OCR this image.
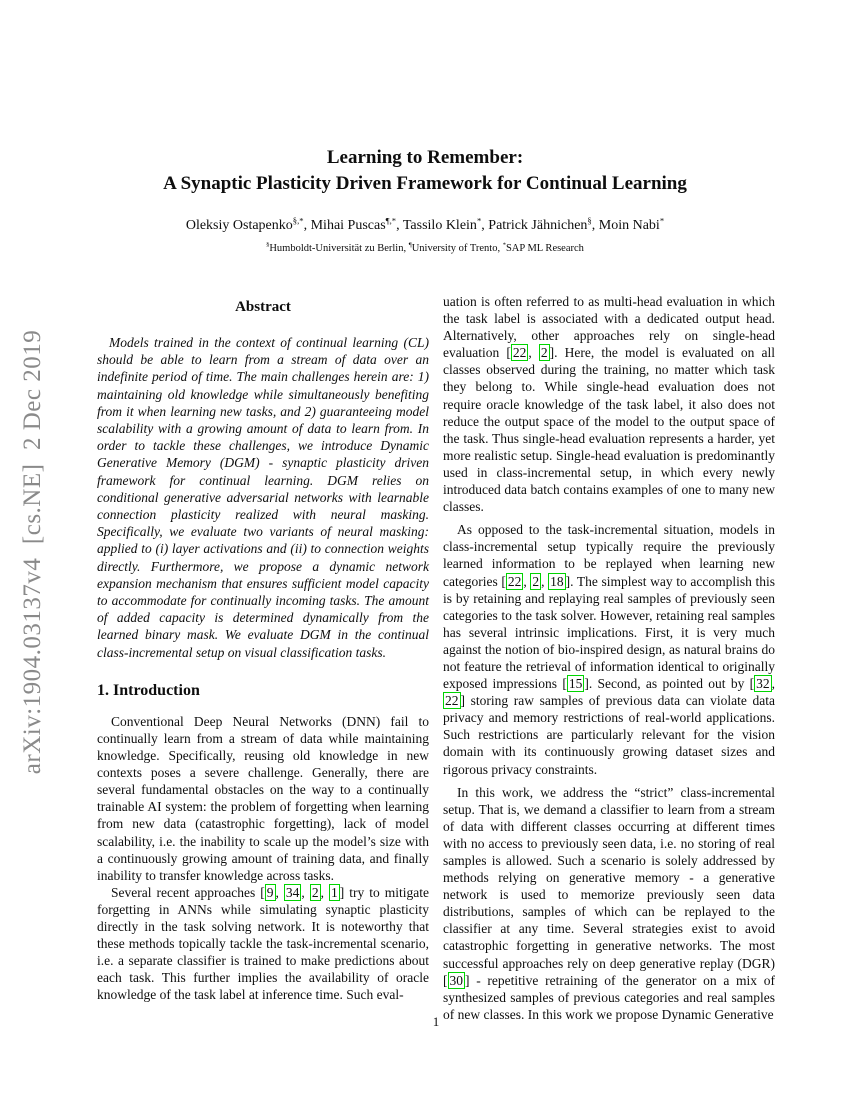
arXiv:1904.03137v4  [cs.NE]  2 Dec 2019
Learning to Remember:
A Synaptic Plasticity Driven Framework for Continual Learning
Oleksiy Ostapenko§,*, Mihai Puscas¶,*, Tassilo Klein*, Patrick Jähnichen§, Moin Nabi*
§Humboldt-Universität zu Berlin, ¶University of Trento, *SAP ML Research
Abstract

Models trained in the context of continual learning (CL) should be able to learn from a stream of data over an indefinite period of time. The main challenges herein are: 1) maintaining old knowledge while simultaneously benefiting from it when learning new tasks, and 2) guaranteeing model scalability with a growing amount of data to learn from. In order to tackle these challenges, we introduce Dynamic Generative Memory (DGM) - synaptic plasticity driven framework for continual learning. DGM relies on conditional generative adversarial networks with learnable connection plasticity realized with neural masking. Specifically, we evaluate two variants of neural masking: applied to (i) layer activations and (ii) to connection weights directly. Furthermore, we propose a dynamic network expansion mechanism that ensures sufficient model capacity to accommodate for continually incoming tasks. The amount of added capacity is determined dynamically from the learned binary mask. We evaluate DGM in the continual class-incremental setup on visual classification tasks.

1. Introduction

Conventional Deep Neural Networks (DNN) fail to continually learn from a stream of data while maintaining knowledge. Specifically, reusing old knowledge in new contexts poses a severe challenge. Generally, there are several fundamental obstacles on the way to a continually trainable AI system: the problem of forgetting when learning from new data (catastrophic forgetting), lack of model scalability, i.e. the inability to scale up the model’s size with a continuously growing amount of training data, and finally inability to transfer knowledge across tasks.

Several recent approaches [ 9 , 34 , 2 , 1 ] try to mitigate forgetting in ANNs while simulating synaptic plasticity directly in the task solving network. It is noteworthy that these methods topically tackle the task-incremental scenario, i.e. a separate classifier is trained to make predictions about each task. This further implies the availability of oracle knowledge of the task label at inference time. Such eval-

uation is often referred to as multi-head evaluation in which the task label is associated with a dedicated output head. Alternatively, other approaches rely on single-head evaluation [ 22 , 2 ]. Here, the model is evaluated on all classes observed during the training, no matter which task they belong to. While single-head evaluation does not require oracle knowledge of the task label, it also does not reduce the output space of the model to the output space of the task. Thus single-head evaluation represents a harder, yet more realistic setup. Single-head evaluation is predominantly used in class-incremental setup, in which every newly introduced data batch contains examples of one to many new classes.

As opposed to the task-incremental situation, models in class-incremental setup typically require the previously learned information to be replayed when learning new categories [ 22 , 2 , 18 ]. The simplest way to accomplish this is by retaining and replaying real samples of previously seen categories to the task solver. However, retaining real samples has several intrinsic implications. First, it is very much against the notion of bio-inspired design, as natural brains do not feature the retrieval of information identical to originally exposed impressions [ 15 ]. Second, as pointed out by [ 32 , 22 ] storing raw samples of previous data can violate data privacy and memory restrictions of real-world applications. Such restrictions are particularly relevant for the vision domain with its continuously growing dataset sizes and rigorous privacy constraints.

In this work, we address the “strict” class-incremental setup. That is, we demand a classifier to learn from a stream of data with different classes occurring at different times with no access to previously seen data, i.e. no storing of real samples is allowed. Such a scenario is solely addressed by methods relying on generative memory - a generative network is used to memorize previously seen data distributions, samples of which can be replayed to the classifier at any time. Several strategies exist to avoid catastrophic forgetting in generative networks. The most successful approaches rely on deep generative replay (DGR) [ 30 ] - repetitive retraining of the generator on a mix of synthesized samples of previous categories and real samples of new classes. In this work we propose Dynamic Generative

1
